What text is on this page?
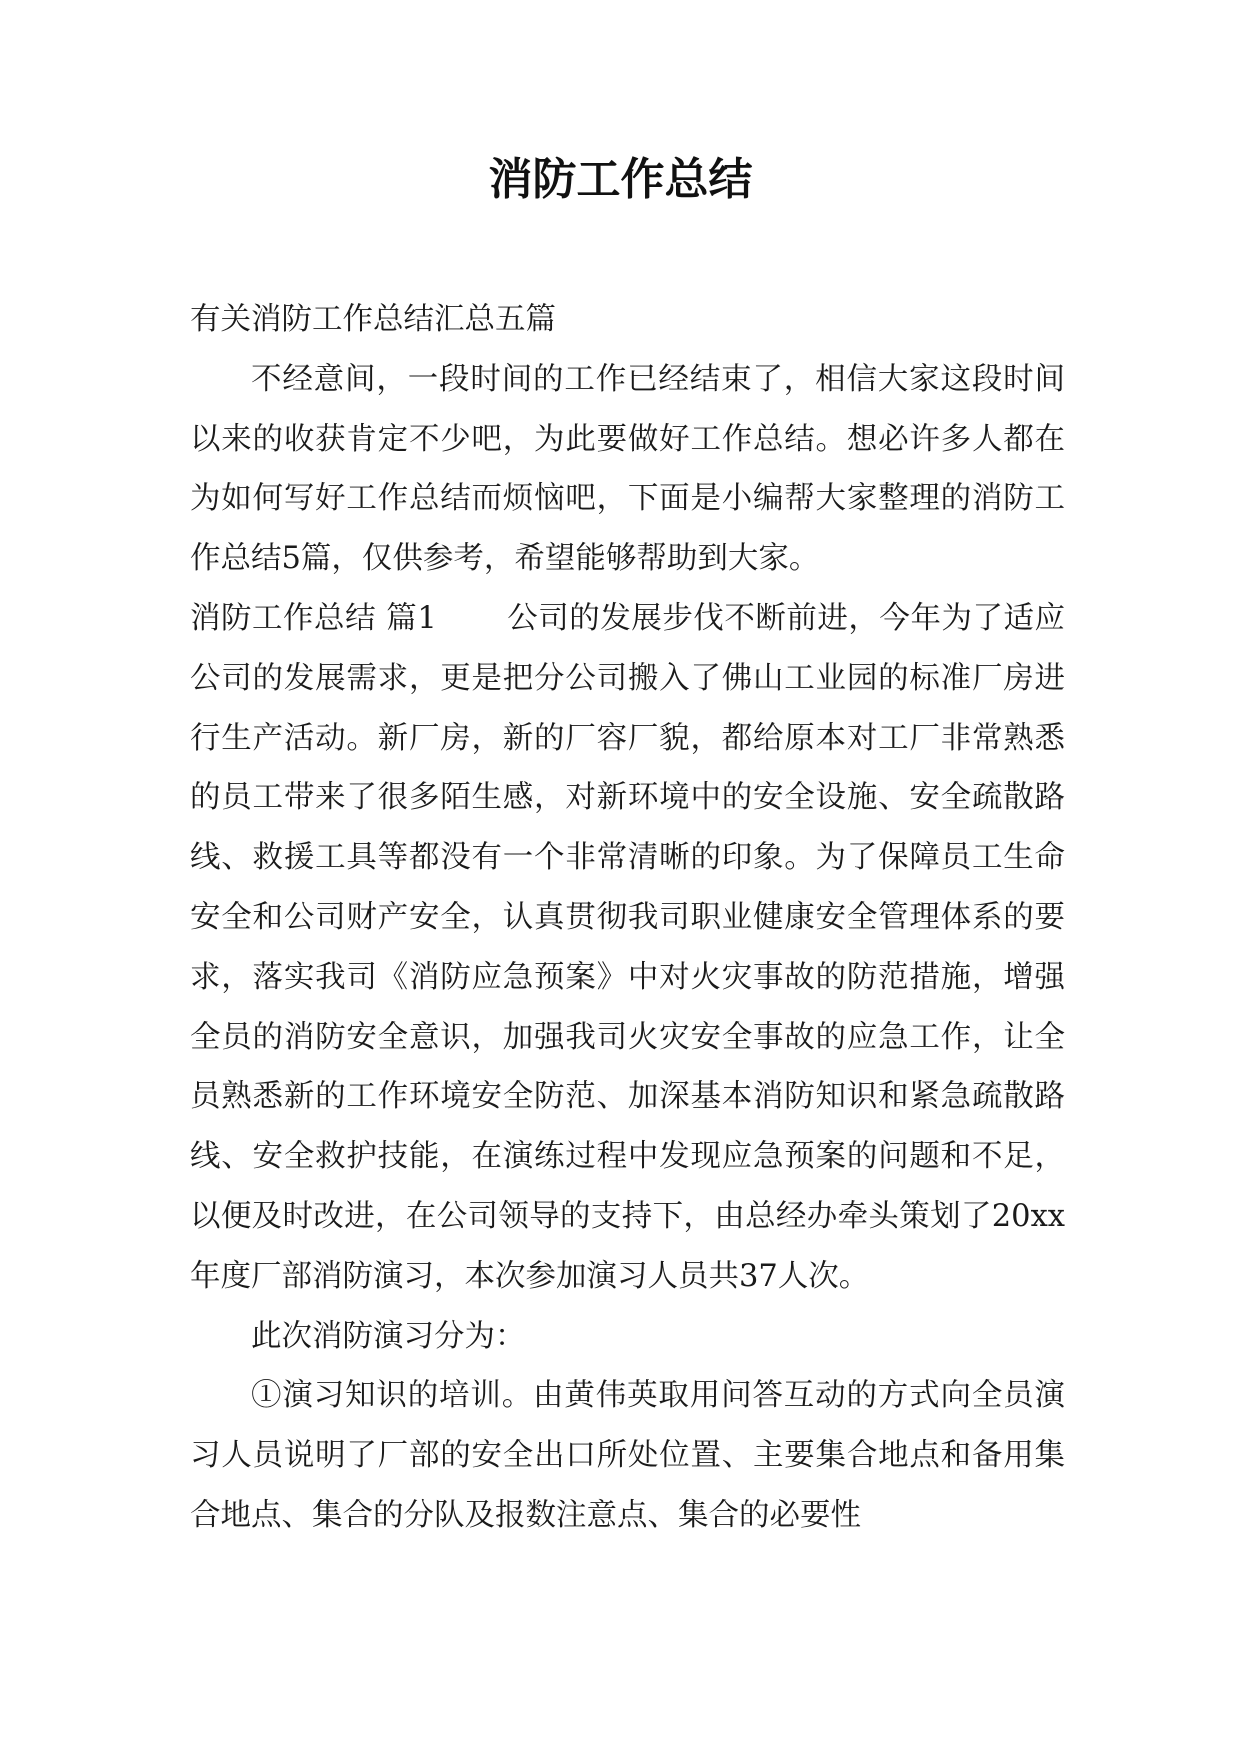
消防工作总结

有关消防工作总结汇总五篇

不经意间，一段时间的工作已经结束了，相信大家这段时间以来的收获肯定不少吧，为此要做好工作总结。想必许多人都在为如何写好工作总结而烦恼吧，下面是小编帮大家整理的消防工作总结5篇，仅供参考，希望能够帮助到大家。

消防工作总结 篇1 公司的发展步伐不断前进，今年为了适应公司的发展需求，更是把分公司搬入了佛山工业园的标准厂房进行生产活动。新厂房，新的厂容厂貌，都给原本对工厂非常熟悉的员工带来了很多陌生感，对新环境中的安全设施、安全疏散路线、救援工具等都没有一个非常清晰的印象。为了保障员工生命安全和公司财产安全，认真贯彻我司职业健康安全管理体系的要求，落实我司《消防应急预案》中对火灾事故的防范措施，增强全员的消防安全意识，加强我司火灾安全事故的应急工作，让全员熟悉新的工作环境安全防范、加深基本消防知识和紧急疏散路线、安全救护技能，在演练过程中发现应急预案的问题和不足，以便及时改进，在公司领导的支持下，由总经办牵头策划了20xx年度厂部消防演习，本次参加演习人员共37人次。

此次消防演习分为：

①演习知识的培训。由黄伟英取用问答互动的方式向全员演习人员说明了厂部的安全出口所处位置、主要集合地点和备用集合地点、集合的分队及报数注意点、集合的必要性
